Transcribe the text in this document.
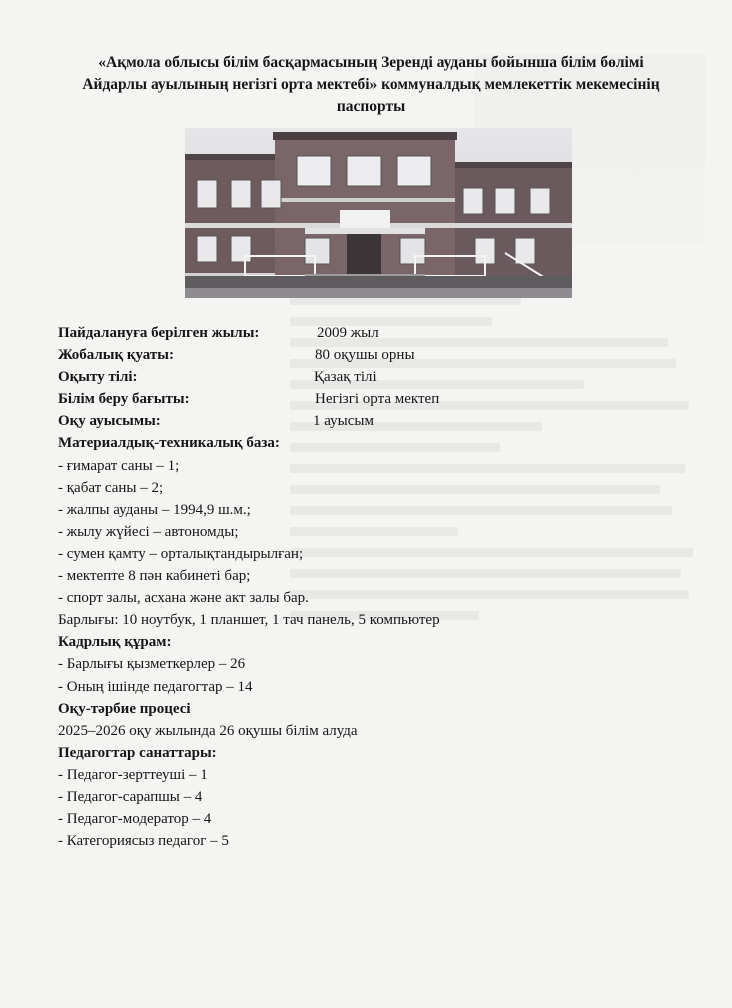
«Ақмола облысы білім басқармасының Зеренді ауданы бойынша білім бөлімі
Айдарлы ауылының негізгі орта мектебі» коммуналдық мемлекеттік мекемесінің
паспорты
Пайдалануға берілген жылы:	2009 жыл
Жобалық қуаты:	80 оқушы орны
Оқыту тілі:	Қазақ тілі
Білім беру бағыты:	Негізгі орта мектеп
Оқу ауысымы:	1 ауысым
Материалдық-техникалық база:
- ғимарат саны – 1;
- қабат саны – 2;
- жалпы ауданы – 1994,9 ш.м.;
- жылу жүйесі – автономды;
- сумен қамту – орталықтандырылған;
- мектепте 8 пән кабинеті бар;
- спорт залы, асхана және акт залы бар.
Барлығы: 10 ноутбук, 1 планшет, 1 тач панель, 5 компьютер
Кадрлық құрам:
- Барлығы қызметкерлер – 26
- Оның ішінде педагогтар – 14
Оқу-тәрбие процесі
2025–2026 оқу жылында 26 оқушы білім алуда
Педагогтар санаттары:
- Педагог-зерттеуші – 1
- Педагог-сарапшы – 4
- Педагог-модератор – 4
- Категориясыз педагог – 5
